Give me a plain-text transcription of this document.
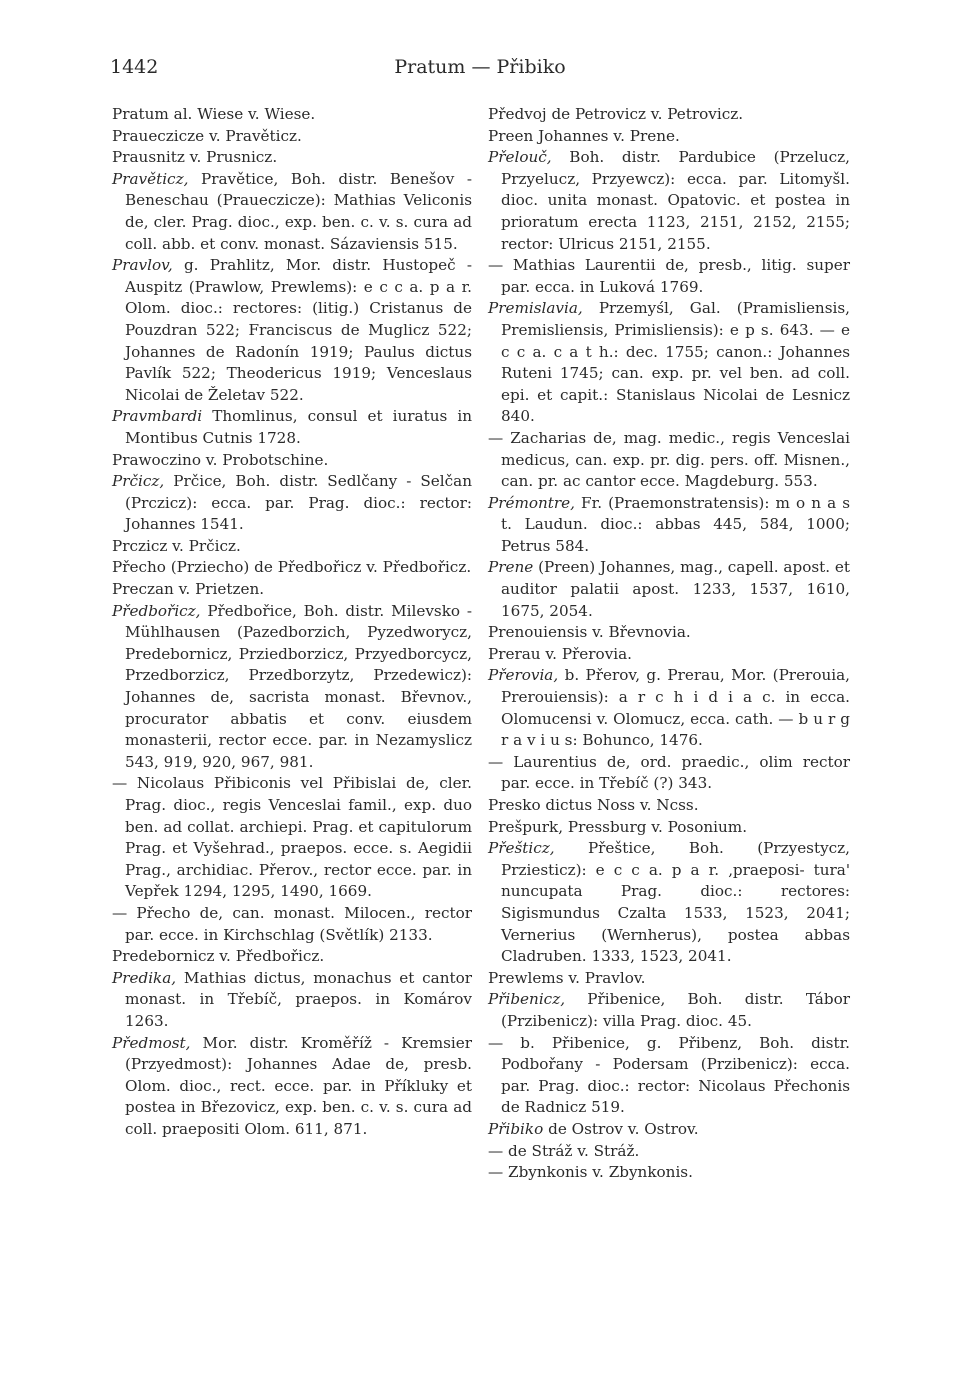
1442	Pratum — Přibiko
Pratum al. Wiese v. Wiese.
Praueczicze v. Pravěticz.
Prausnitz v. Prusnicz.
Pravěticz, Pravětice, Boh. distr. Benešov - Beneschau (Praueczicze): Mathias Veliconis de, cler. Prag. dioc., exp. ben. c. v. s. cura ad coll. abb. et conv. monast. Sázaviensis 515.
Pravlov, g. Prahlitz, Mor. distr. Hustopeč - Auspitz (Prawlow, Prewlems): e c c a. p a r. Olom. dioc.: rectores: (litig.) Cristanus de Pouzdran 522; Franciscus de Muglicz 522; Johannes de Radonín 1919; Paulus dictus Pavlík 522; Theodericus 1919; Venceslaus Nicolai de Želetav 522.
Pravmbardi Thomlinus, consul et iuratus in Montibus Cutnis 1728.
Prawoczino v. Probotschine.
Prčicz, Prčice, Boh. distr. Sedlčany - Selčan (Prczicz): ecca. par. Prag. dioc.: rector: Johannes 1541.
Prczicz v. Prčicz.
Přecho (Prziecho) de Předbořicz v. Předbořicz.
Preczan v. Prietzen.
Předbořicz, Předbořice, Boh. distr. Milevsko - Mühlhausen (Pazedborzich, Pyzedworycz, Predebornicz, Prziedborzicz, Przyedborcycz, Przedborzicz, Przedborzytz, Przedewicz): Johannes de, sacrista monast. Břevnov., procurator abbatis et conv. eiusdem monasterii, rector ecce. par. in Nezamyslicz 543, 919, 920, 967, 981.
— Nicolaus Přibiconis vel Přibislai de, cler. Prag. dioc., regis Venceslai famil., exp. duo ben. ad collat. archiepi. Prag. et capitulorum Prag. et Vyšehrad., praepos. ecce. s. Aegidii Prag., archidiac. Přerov., rector ecce. par. in Vepřek 1294, 1295, 1490, 1669.
— Přecho de, can. monast. Milocen., rector par. ecce. in Kirchschlag (Světlík) 2133.
Predebornicz v. Předbořicz.
Predika, Mathias dictus, monachus et cantor monast. in Třebíč, praepos. in Komárov 1263.
Předmost, Mor. distr. Kroměříž - Kremsier (Przyedmost): Johannes Adae de, presb. Olom. dioc., rect. ecce. par. in Příkluky et postea in Březovicz, exp. ben. c. v. s. cura ad coll. praepositi Olom. 611, 871.
Předvoj de Petrovicz v. Petrovicz.
Preen Johannes v. Prene.
Přelouč, Boh. distr. Pardubice (Przelucz, Przyelucz, Przyewcz): ecca. par. Litomyšl. dioc. unita monast. Opatovic. et postea in prioratum erecta 1123, 2151, 2152, 2155; rector: Ulricus 2151, 2155.
— Mathias Laurentii de, presb., litig. super par. ecca. in Luková 1769.
Premislavia, Przemyśl, Gal. (Pramisliensis, Premisliensis, Primisliensis): e p s. 643. — e c c a. c a t h.: dec. 1755; canon.: Johannes Ruteni 1745; can. exp. pr. vel ben. ad coll. epi. et capit.: Stanislaus Nicolai de Lesnicz 840.
— Zacharias de, mag. medic., regis Venceslai medicus, can. exp. pr. dig. pers. off. Misnen., can. pr. ac cantor ecce. Magdeburg. 553.
Prémontre, Fr. (Praemonstratensis): m o n a s t. Laudun. dioc.: abbas 445, 584, 1000; Petrus 584.
Prene (Preen) Johannes, mag., capell. apost. et auditor palatii apost. 1233, 1537, 1610, 1675, 2054.
Prenouiensis v. Břevnovia.
Prerau v. Přerovia.
Přerovia, b. Přerov, g. Prerau, Mor. (Prerouia, Prerouiensis): a r c h i d i a c. in ecca. Olomucensi v. Olomucz, ecca. cath. — b u r g r a v i u s: Bohunco, 1476.
— Laurentius de, ord. praedic., olim rector par. ecce. in Třebíč (?) 343.
Presko dictus Noss v. Ncss.
Prešpurk, Pressburg v. Posonium.
Přešticz, Přeštice, Boh. (Przyestycz, Prziesticz): e c c a. p a r. ‚praeposi- tura' nuncupata Prag. dioc.: rectores: Sigismundus Czalta 1533, 1523, 2041; Vernerius (Wernherus), postea abbas Cladruben. 1333, 1523, 2041.
Prewlems v. Pravlov.
Přibenicz, Přibenice, Boh. distr. Tábor (Przibenicz): villa Prag. dioc. 45.
— b. Přibenice, g. Přibenz, Boh. distr. Podbořany - Podersam (Przibenicz): ecca. par. Prag. dioc.: rector: Nicolaus Přechonis de Radnicz 519.
Přibiko de Ostrov v. Ostrov.
— de Stráž v. Stráž.
— Zbynkonis v. Zbynkonis.
